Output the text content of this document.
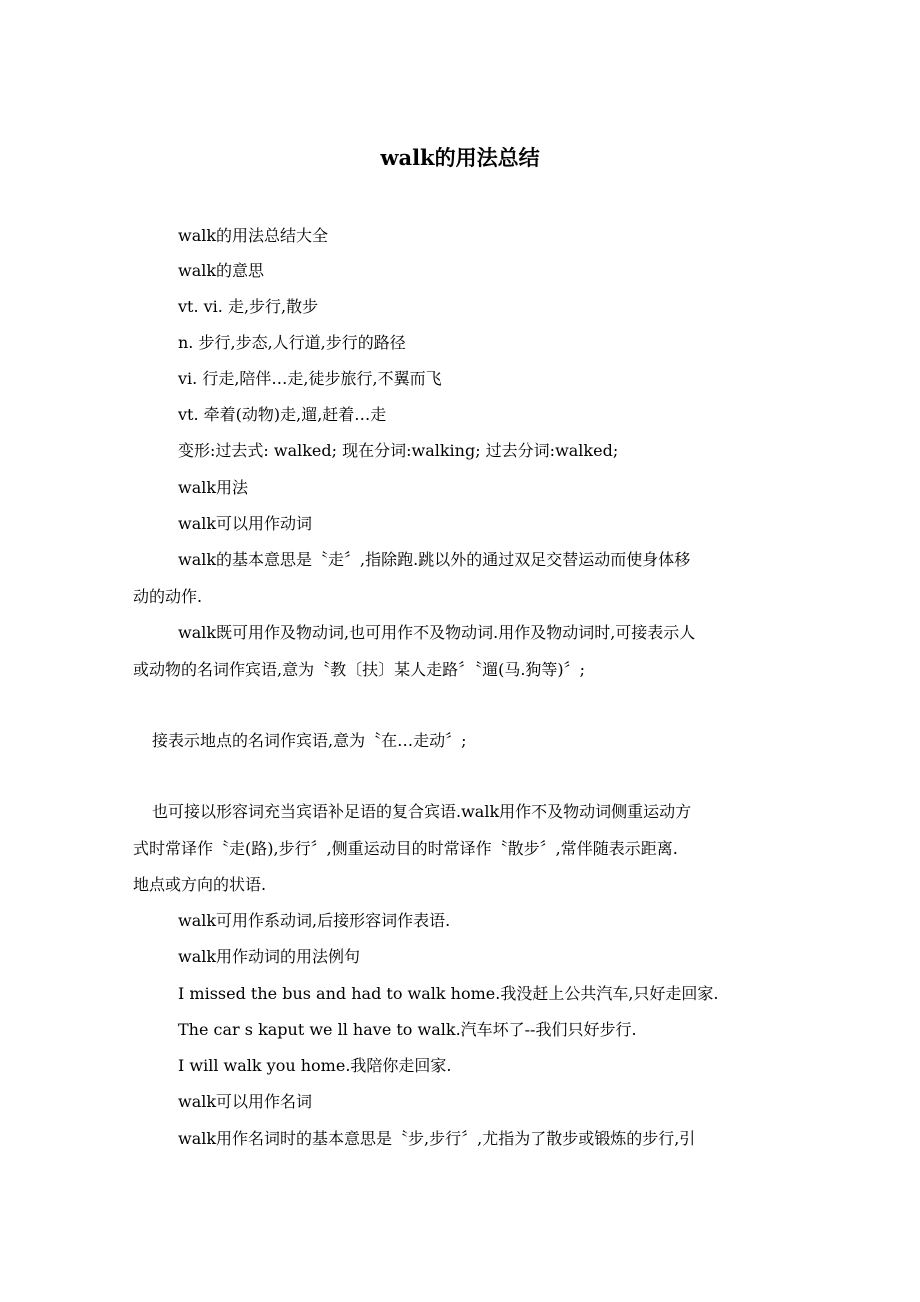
walk的用法总结
walk的用法总结大全
walk的意思
vt. vi. 走,步行,散步
n. 步行,步态,人行道,步行的路径
vi. 行走,陪伴…走,徒步旅行,不翼而飞
vt. 牵着(动物)走,遛,赶着…走
变形:过去式: walked; 现在分词:walking; 过去分词:walked;
walk用法
walk可以用作动词
walk的基本意思是〝走〞,指除跑.跳以外的通过双足交替运动而使身体移
动的动作.
walk既可用作及物动词,也可用作不及物动词.用作及物动词时,可接表示人
或动物的名词作宾语,意为〝教〔扶〕某人走路〞〝遛(马.狗等)〞;
接表示地点的名词作宾语,意为〝在…走动〞;
也可接以形容词充当宾语补足语的复合宾语.walk用作不及物动词侧重运动方
式时常译作〝走(路),步行〞,侧重运动目的时常译作〝散步〞,常伴随表示距离.
地点或方向的状语.
walk可用作系动词,后接形容词作表语.
walk用作动词的用法例句
I missed the bus and had to walk home.我没赶上公共汽车,只好走回家.
The car s kaput we ll have to walk.汽车坏了--我们只好步行.
I will walk you home.我陪你走回家.
walk可以用作名词
walk用作名词时的基本意思是〝步,步行〞,尤指为了散步或锻炼的步行,引
